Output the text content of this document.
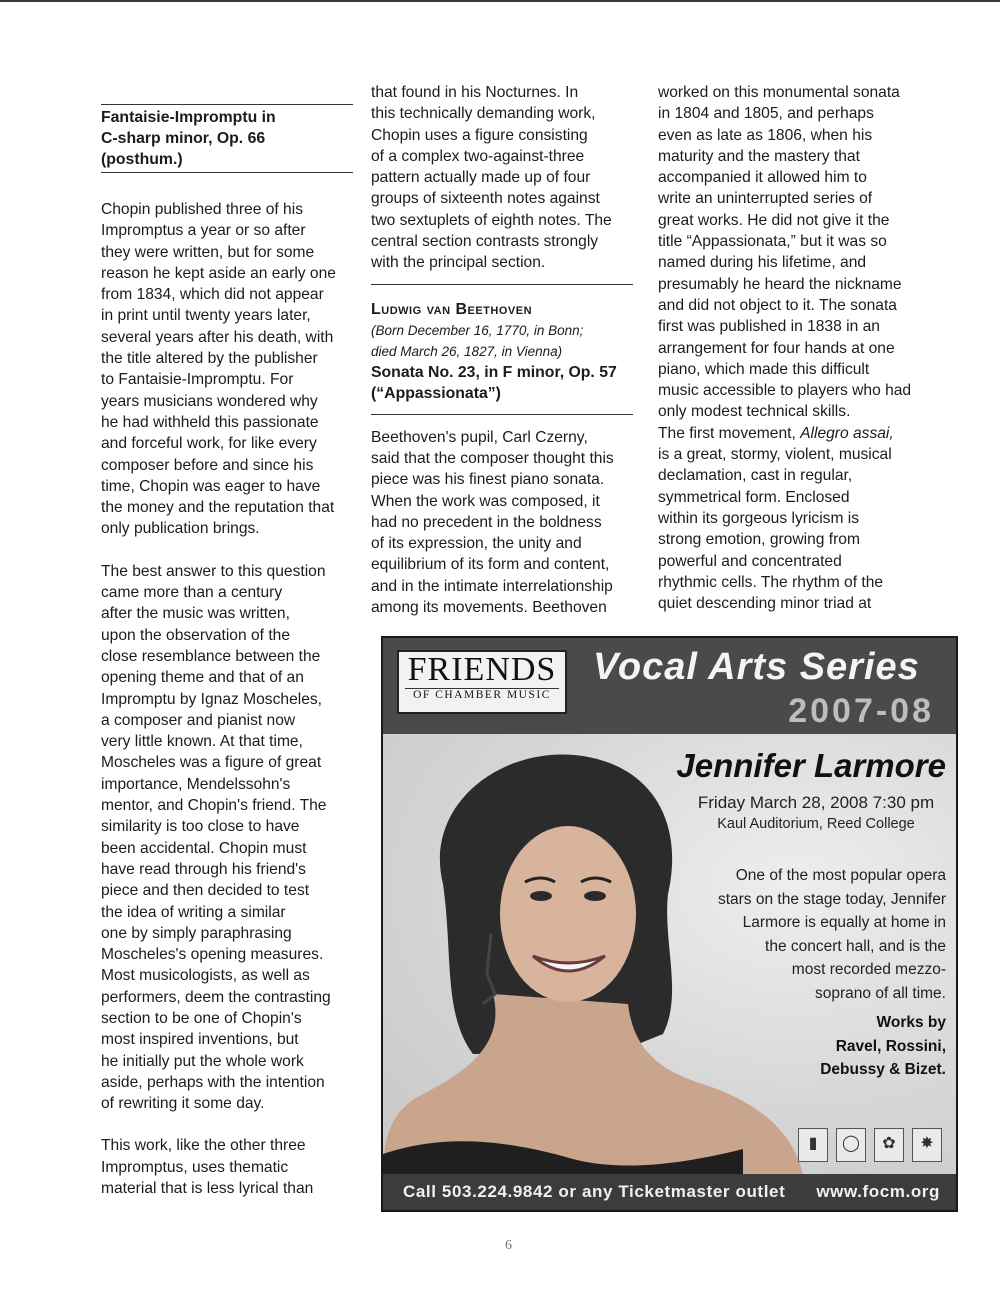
Fantaisie-Impromptu in
C-sharp minor, Op. 66
(posthum.)

Chopin published three of his
Impromptus a year or so after
they were written, but for some
reason he kept aside an early one
from 1834, which did not appear
in print until twenty years later,
several years after his death, with
the title altered by the publisher
to Fantaisie-Impromptu. For
years musicians wondered why
he had withheld this passionate
and forceful work, for like every
composer before and since his
time, Chopin was eager to have
the money and the reputation that
only publication brings.

The best answer to this question
came more than a century
after the music was written,
upon the observation of the
close resemblance between the
opening theme and that of an
Impromptu by Ignaz Moscheles,
a composer and pianist now
very little known. At that time,
Moscheles was a figure of great
importance, Mendelssohn's
mentor, and Chopin's friend. The
similarity is too close to have
been accidental. Chopin must
have read through his friend's
piece and then decided to test
the idea of writing a similar
one by simply paraphrasing
Moscheles's opening measures.
Most musicologists, as well as
performers, deem the contrasting
section to be one of Chopin's
most inspired inventions, but
he initially put the whole work
aside, perhaps with the intention
of rewriting it some day.

This work, like the other three
Impromptus, uses thematic
material that is less lyrical than

that found in his Nocturnes. In
this technically demanding work,
Chopin uses a figure consisting
of a complex two-against-three
pattern actually made up of four
groups of sixteenth notes against
two sextuplets of eighth notes. The
central section contrasts strongly
with the principal section.

Ludwig van Beethoven
(Born December 16, 1770, in Bonn;
died March 26, 1827, in Vienna)
Sonata No. 23, in F minor, Op. 57
(“Appassionata”)

Beethoven's pupil, Carl Czerny,
said that the composer thought this
piece was his finest piano sonata.
When the work was composed, it
had no precedent in the boldness
of its expression, the unity and
equilibrium of its form and content,
and in the intimate interrelationship
among its movements. Beethoven

worked on this monumental sonata
in 1804 and 1805, and perhaps
even as late as 1806, when his
maturity and the mastery that
accompanied it allowed him to
write an uninterrupted series of
great works. He did not give it the
title “Appassionata,” but it was so
named during his lifetime, and
presumably he heard the nickname
and did not object to it. The sonata
first was published in 1838 in an
arrangement for four hands at one
piano, which made this difficult
music accessible to players who had
only modest technical skills.

The first movement, Allegro assai,
is a great, stormy, violent, musical
declamation, cast in regular,
symmetrical form. Enclosed
within its gorgeous lyricism is
strong emotion, growing from
powerful and concentrated
rhythmic cells. The rhythm of the
quiet descending minor triad at

FRIENDS
OF CHAMBER MUSIC
Vocal Arts Series
2007-08
Jennifer Larmore
Friday March 28, 2008 7:30 pm
Kaul Auditorium, Reed College
One of the most popular opera
stars on the stage today, Jennifer
Larmore is equally at home in
the concert hall, and is the
most recorded mezzo-
soprano of all time.
Works by
Ravel, Rossini,
Debussy & Bizet.
▮	◯	✿	✸
Call 503.224.9842 or any Ticketmaster outlet www.focm.org
6
